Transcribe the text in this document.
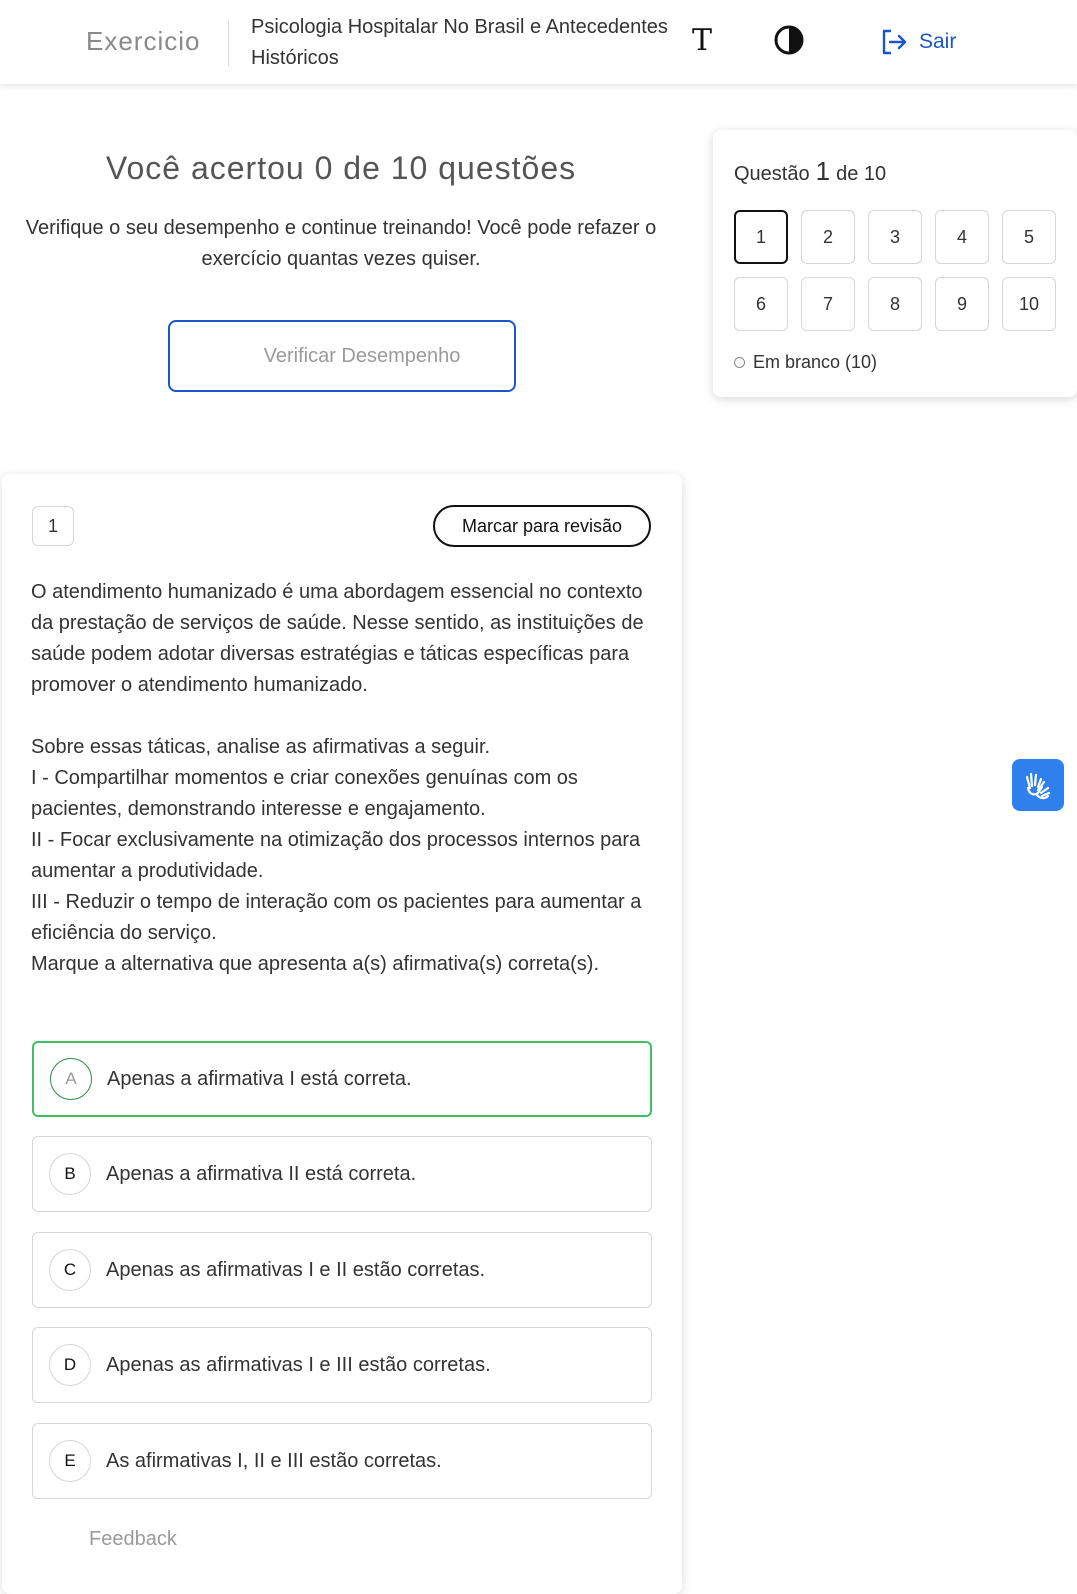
Exercicio	Psicologia Hospitalar No Brasil e Antecedentes Históricos
T	Sair
Você acertou 0 de 10 questões
Verifique o seu desempenho e continue treinando! Você pode refazer o exercício quantas vezes quiser.
Verificar Desempenho
Questão 1 de 10
1	2	3	4	5
6	7	8	9	10
Em branco (10)
1	Marcar para revisão
O atendimento humanizado é uma abordagem essencial no contexto da prestação de serviços de saúde. Nesse sentido, as instituições de saúde podem adotar diversas estratégias e táticas específicas para promover o atendimento humanizado.

Sobre essas táticas, analise as afirmativas a seguir.
I - Compartilhar momentos e criar conexões genuínas com os pacientes, demonstrando interesse e engajamento.
II - Focar exclusivamente na otimização dos processos internos para aumentar a produtividade.
III - Reduzir o tempo de interação com os pacientes para aumentar a eficiência do serviço.
Marque a alternativa que apresenta a(s) afirmativa(s) correta(s).
A	Apenas a afirmativa I está correta.
B	Apenas a afirmativa II está correta.
C	Apenas as afirmativas I e II estão corretas.
D	Apenas as afirmativas I e III estão corretas.
E	As afirmativas I, II e III estão corretas.
Feedback
